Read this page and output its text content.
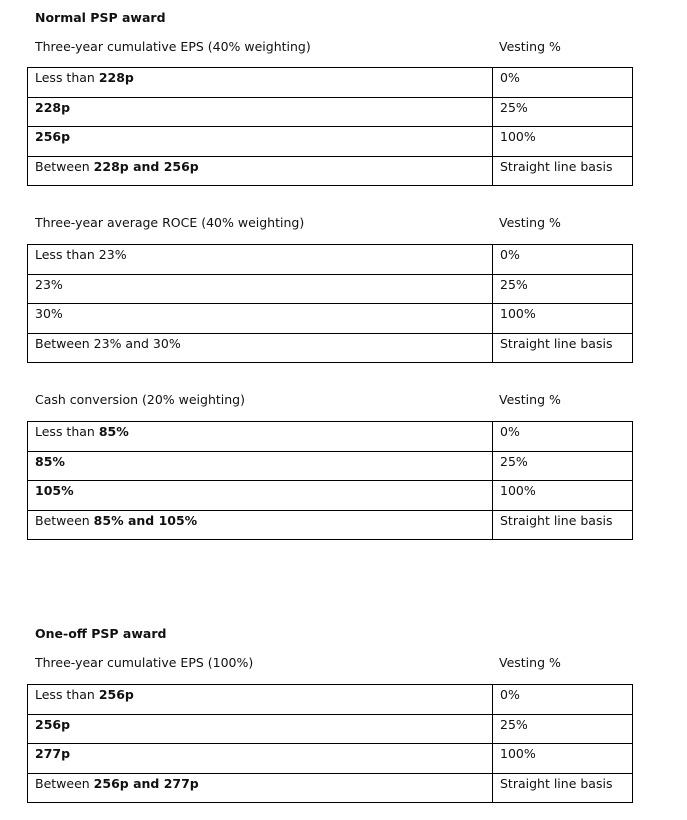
Normal PSP award
Three-year cumulative EPS (40% weighting)	Vesting %
Less than 228p	0%

228p	25%

256p	100%

Between 228p and 256p	Straight line basis
Three-year average ROCE (40% weighting)	Vesting %
Less than 23%	0%

23%	25%

30%	100%

Between 23% and 30%	Straight line basis
Cash conversion (20% weighting)	Vesting %
Less than 85%	0%

85%	25%

105%	100%

Between 85% and 105%	Straight line basis
One-off PSP award
Three-year cumulative EPS (100%)	Vesting %
Less than 256p	0%

256p	25%

277p	100%

Between 256p and 277p	Straight line basis
